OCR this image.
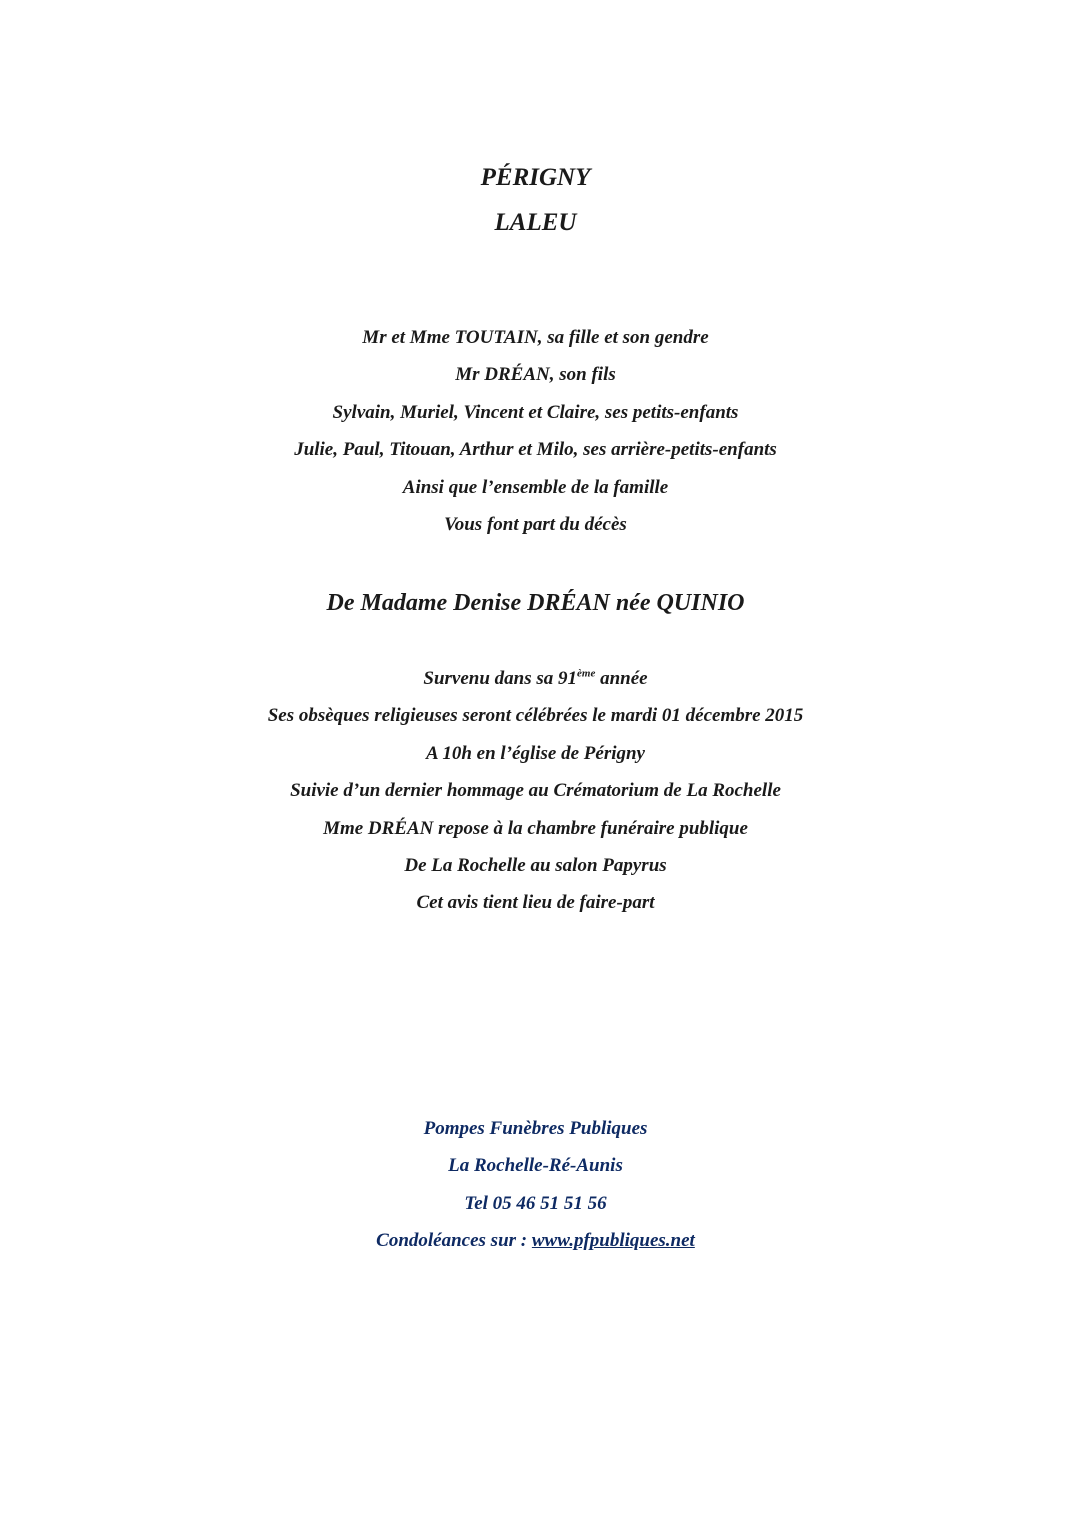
PÉRIGNY
LALEU
Mr et Mme TOUTAIN, sa fille et son gendre
Mr DRÉAN, son fils
Sylvain, Muriel, Vincent et Claire, ses petits-enfants
Julie, Paul, Titouan, Arthur et Milo, ses arrière-petits-enfants
Ainsi que l’ensemble de la famille
Vous font part du décès
De Madame Denise DRÉAN née QUINIO
Survenu dans sa 91ème année
Ses obsèques religieuses seront célébrées le mardi 01 décembre 2015
A 10h en l’église de Périgny
Suivie d’un dernier hommage au Crématorium de La Rochelle
Mme DRÉAN repose à la chambre funéraire publique
De La Rochelle au salon Papyrus
Cet avis tient lieu de faire-part
Pompes Funèbres Publiques
La Rochelle-Ré-Aunis
Tel 05 46 51 51 56
Condoléances sur : www.pfpubliques.net
